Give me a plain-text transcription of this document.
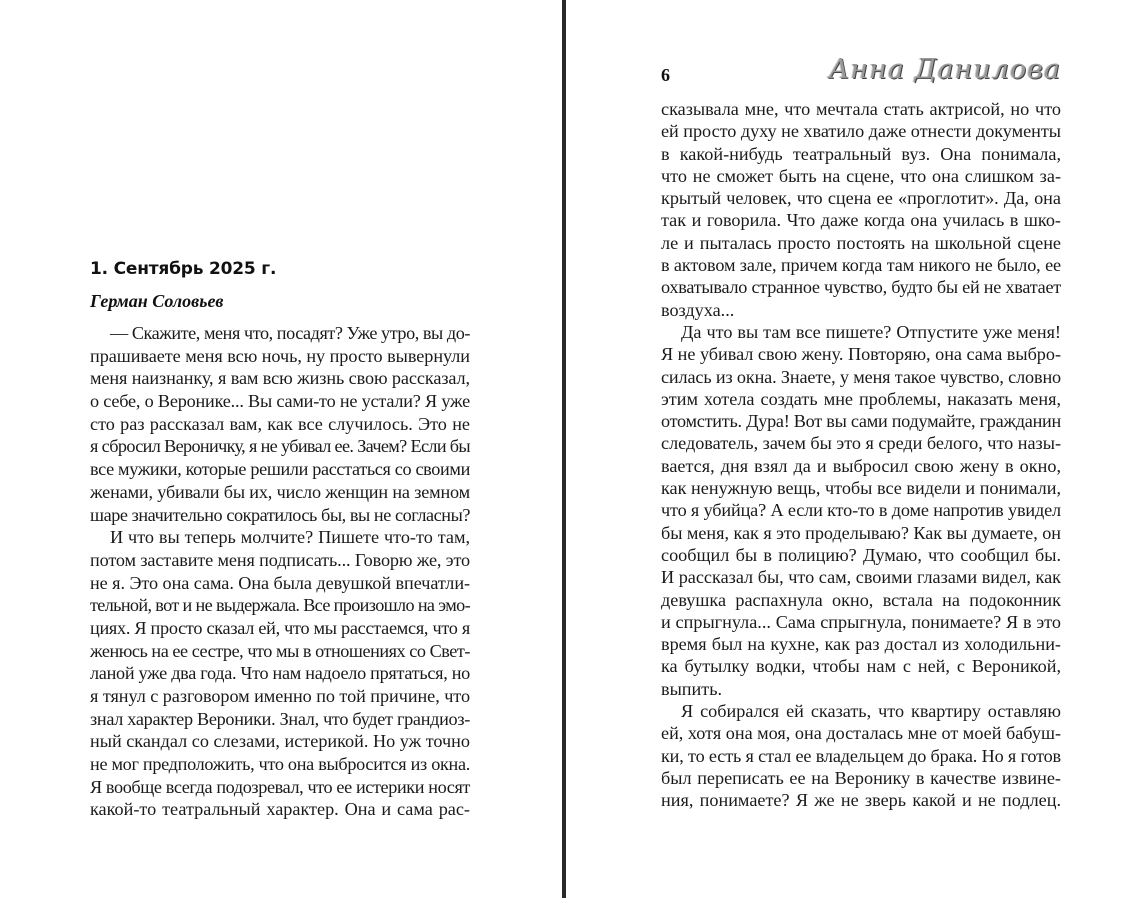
1. Сентябрь 2025 г.
Герман Соловьев
— Скажите, меня что, посадят? Уже утро, вы до-
прашиваете меня всю ночь, ну просто вывернули
меня наизнанку, я вам всю жизнь свою рассказал,
о себе, о Веронике... Вы сами-то не устали? Я уже
сто раз рассказал вам, как все случилось. Это не
я сбросил Вероничку, я не убивал ее. Зачем? Если бы
все мужики, которые решили расстаться со своими
женами, убивали бы их, число женщин на земном
шаре значительно сократилось бы, вы не согласны?
И что вы теперь молчите? Пишете что-то там,
потом заставите меня подписать... Говорю же, это
не я. Это она сама. Она была девушкой впечатли-
тельной, вот и не выдержала. Все произошло на эмо-
циях. Я просто сказал ей, что мы расстаемся, что я
женюсь на ее сестре, что мы в отношениях со Свет-
ланой уже два года. Что нам надоело прятаться, но
я тянул с разговором именно по той причине, что
знал характер Вероники. Знал, что будет грандиоз-
ный скандал со слезами, истерикой. Но уж точно
не мог предположить, что она выбросится из окна.
Я вообще всегда подозревал, что ее истерики носят
какой-то театральный характер. Она и сама рас-
6	Анна Данилова
сказывала мне, что мечтала стать актрисой, но что
ей просто духу не хватило даже отнести документы
в какой-нибудь театральный вуз. Она понимала,
что не сможет быть на сцене, что она слишком за-
крытый человек, что сцена ее «проглотит». Да, она
так и говорила. Что даже когда она училась в шко-
ле и пыталась просто постоять на школьной сцене
в актовом зале, причем когда там никого не было, ее
охватывало странное чувство, будто бы ей не хватает
воздуха...
Да что вы там все пишете? Отпустите уже меня!
Я не убивал свою жену. Повторяю, она сама выбро-
силась из окна. Знаете, у меня такое чувство, словно
этим хотела создать мне проблемы, наказать меня,
отомстить. Дура! Вот вы сами подумайте, гражданин
следователь, зачем бы это я среди белого, что назы-
вается, дня взял да и выбросил свою жену в окно,
как ненужную вещь, чтобы все видели и понимали,
что я убийца? А если кто-то в доме напротив увидел
бы меня, как я это проделываю? Как вы думаете, он
сообщил бы в полицию? Думаю, что сообщил бы.
И рассказал бы, что сам, своими глазами видел, как
девушка распахнула окно, встала на подоконник
и спрыгнула... Сама спрыгнула, понимаете? Я в это
время был на кухне, как раз достал из холодильни-
ка бутылку водки, чтобы нам с ней, с Вероникой,
выпить.
Я собирался ей сказать, что квартиру оставляю
ей, хотя она моя, она досталась мне от моей бабуш-
ки, то есть я стал ее владельцем до брака. Но я готов
был переписать ее на Веронику в качестве извине-
ния, понимаете? Я же не зверь какой и не подлец.
